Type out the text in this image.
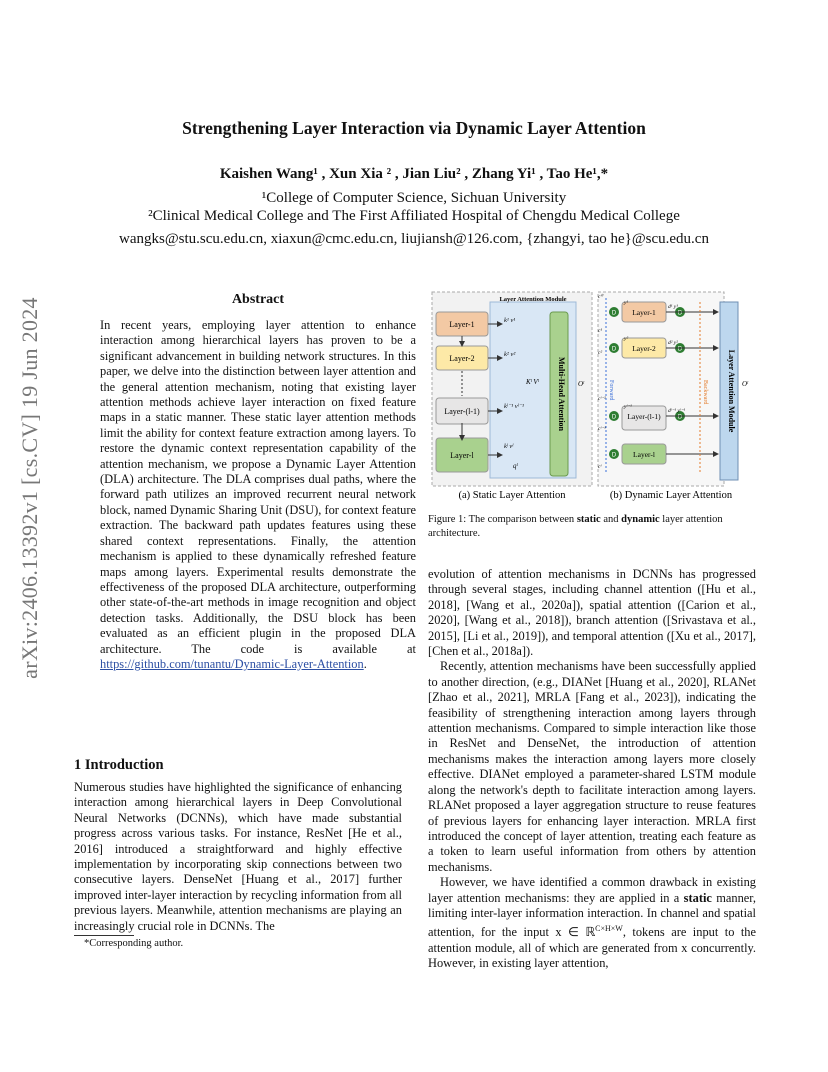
Strengthening Layer Interaction via Dynamic Layer Attention
Kaishen Wang¹ , Xun Xia ² , Jian Liu² , Zhang Yi¹ , Tao He¹,*
¹College of Computer Science, Sichuan University
²Clinical Medical College and The First Affiliated Hospital of Chengdu Medical College
wangks@stu.scu.edu.cn, xiaxun@cmc.edu.cn, liujiansh@126.com, {zhangyi, tao he}@scu.edu.cn
arXiv:2406.13392v1 [cs.CV] 19 Jun 2024	Abstract

In recent years, employing layer attention to enhance interaction among hierarchical layers has proven to be a significant advancement in building network structures. In this paper, we delve into the distinction between layer attention and the general attention mechanism, noting that existing layer attention methods achieve layer interaction on fixed feature maps in a static manner. These static layer attention methods limit the ability for context feature extraction among layers. To restore the dynamic context representation capability of the attention mechanism, we propose a Dynamic Layer Attention (DLA) architecture. The DLA comprises dual paths, where the forward path utilizes an improved recurrent neural network block, named Dynamic Sharing Unit (DSU), for context feature extraction. The backward path updates features using these shared context representations. Finally, the attention mechanism is applied to these dynamically refreshed feature maps among layers. Experimental results demonstrate the effectiveness of the proposed DLA architecture, outperforming other state-of-the-art methods in image recognition and object detection tasks. Additionally, the DSU block has been evaluated as an efficient plugin in the proposed DLA architecture. The code is available at https://github.com/tunantu/Dynamic-Layer-Attention.

1 Introduction

Numerous studies have highlighted the significance of enhancing interaction among hierarchical layers in Deep Convolutional Neural Networks (DCNNs), which have made substantial progress across various tasks. For instance, ResNet [He et al., 2016] introduced a straightforward and highly effective implementation by incorporating skip connections between two consecutive layers. DenseNet [Huang et al., 2017] further improved inter-layer interaction by recycling information from all previous layers. Meanwhile, attention mechanisms are playing an increasingly crucial role in DCNNs. The

*Corresponding author.
Layer Attention Module
Multi-Head Attention
Layer-1	k¹ v¹
Layer-2	k² v²
Layer-(l-1)
kˡ⁻¹ vˡ⁻¹
Layer-l
kˡ vˡ
Kˡ Vˡ	Oˡ
qˡ
(a) Static Layer Attention
Layer Attention Module
Layer-1
D	D
d¹ y¹
y¹
Layer-2
D	D
d² y²
y²
Layer-(l-1)
D	D
dˡ⁻¹ yˡ⁻¹
yˡ⁻¹
Layer-l
D
c⁰
c¹
c²
cˡ⁻²
cˡ⁻¹
cˡ
Forward	Backward	Oˡ
(b) Dynamic Layer Attention
Figure 1: The comparison between static and dynamic layer attention architecture.

evolution of attention mechanisms in DCNNs has progressed through several stages, including channel attention ([Hu et al., 2018], [Wang et al., 2020a]), spatial attention ([Carion et al., 2020], [Wang et al., 2018]), branch attention ([Srivastava et al., 2015], [Li et al., 2019]), and temporal attention ([Xu et al., 2017], [Chen et al., 2018a]).

Recently, attention mechanisms have been successfully applied to another direction, (e.g., DIANet [Huang et al., 2020], RLANet [Zhao et al., 2021], MRLA [Fang et al., 2023]), indicating the feasibility of strengthening interaction among layers through attention mechanisms. Compared to simple interaction like those in ResNet and DenseNet, the introduction of attention mechanisms makes the interaction among layers more closely effective. DIANet employed a parameter-shared LSTM module along the network's depth to facilitate interaction among layers. RLANet proposed a layer aggregation structure to reuse features of previous layers for enhancing layer interaction. MRLA first introduced the concept of layer attention, treating each feature as a token to learn useful information from others by attention mechanisms.

However, we have identified a common drawback in existing layer attention mechanisms: they are applied in a static manner, limiting inter-layer information interaction. In channel and spatial attention, for the input x ∈ ℝ$^{C\times H\times W}$, tokens are input to the attention module, all of which are generated from x concurrently. However, in existing layer attention,
